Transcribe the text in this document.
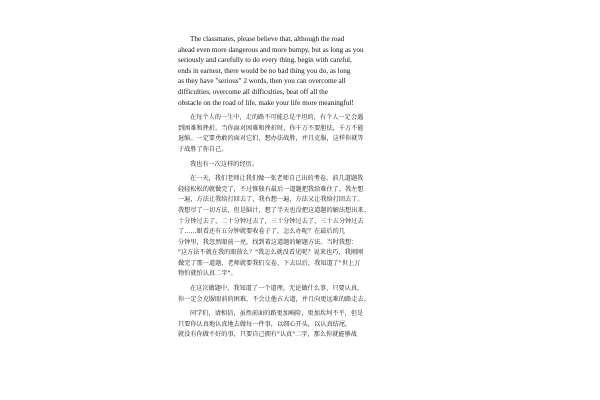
The classmates, please believe that, although the road
ahead even more dangerous and more bumpy, but as long as you
seriously and carefully to do every thing, begin with careful,
ends in earnest, there would be no bad thing you do, as long
as they have "serious" 2 words, then you can overcome all
difficulties, overcome all difficulties, beat off all the
obstacle on the road of life, make your life more meaningful!
在每个人的一生中，走的路不可能总是平坦的，有个人一定会遇
到困难和挫折。当你面对困难和挫折时，你千万不要胆怯，千万不能
退缩。一定要勇敢的面对它们，想办法战胜，并且克服，这样你就等
于战胜了你自己。
我也有一次这样的经历。
在一天，我们老师让我们做一张老师自己出的考卷，前几道题我
轻轻松松的就做完了，不过惟独有最后一道题把我给难住了，我左想
一遍，方法让我给打回去了，我右想一遍，方法又让我给打回去了。
我想尽了一切方法，但是脑汁，想了半天也没把这道题的解法想出来。
十分钟过去了，二十分钟过去了，三十分钟过去了，三十五分钟过去
了……眼看还有五分钟就要收卷子了，怎么办呢？在最后的几
分钟里，我忽然眼前一亮，找到着这道题的解题方法。当时我想：
"这方法不就在我的眼前么？"我怎么就没看见呢？说来也巧，我刚刚
做完了那一道题，老师就要我们交卷，下去以后，我知道了"世上万
物怕就怕认真二字"。
在这次做题中，我知道了一个道理，无论做什么事，只要认真，
你一定会克服眼前的困难，不会让他占大道，并且向更远难的路走去。
同学们，请相信，虽然前面的路更加崎险，更加坎坷不平，但是
只要你认真地认真地去做每一件事，以细心开头，以认真结尾，
就没有你做不好的事，只要自己拥有"认真"二字，那么你就能够战
